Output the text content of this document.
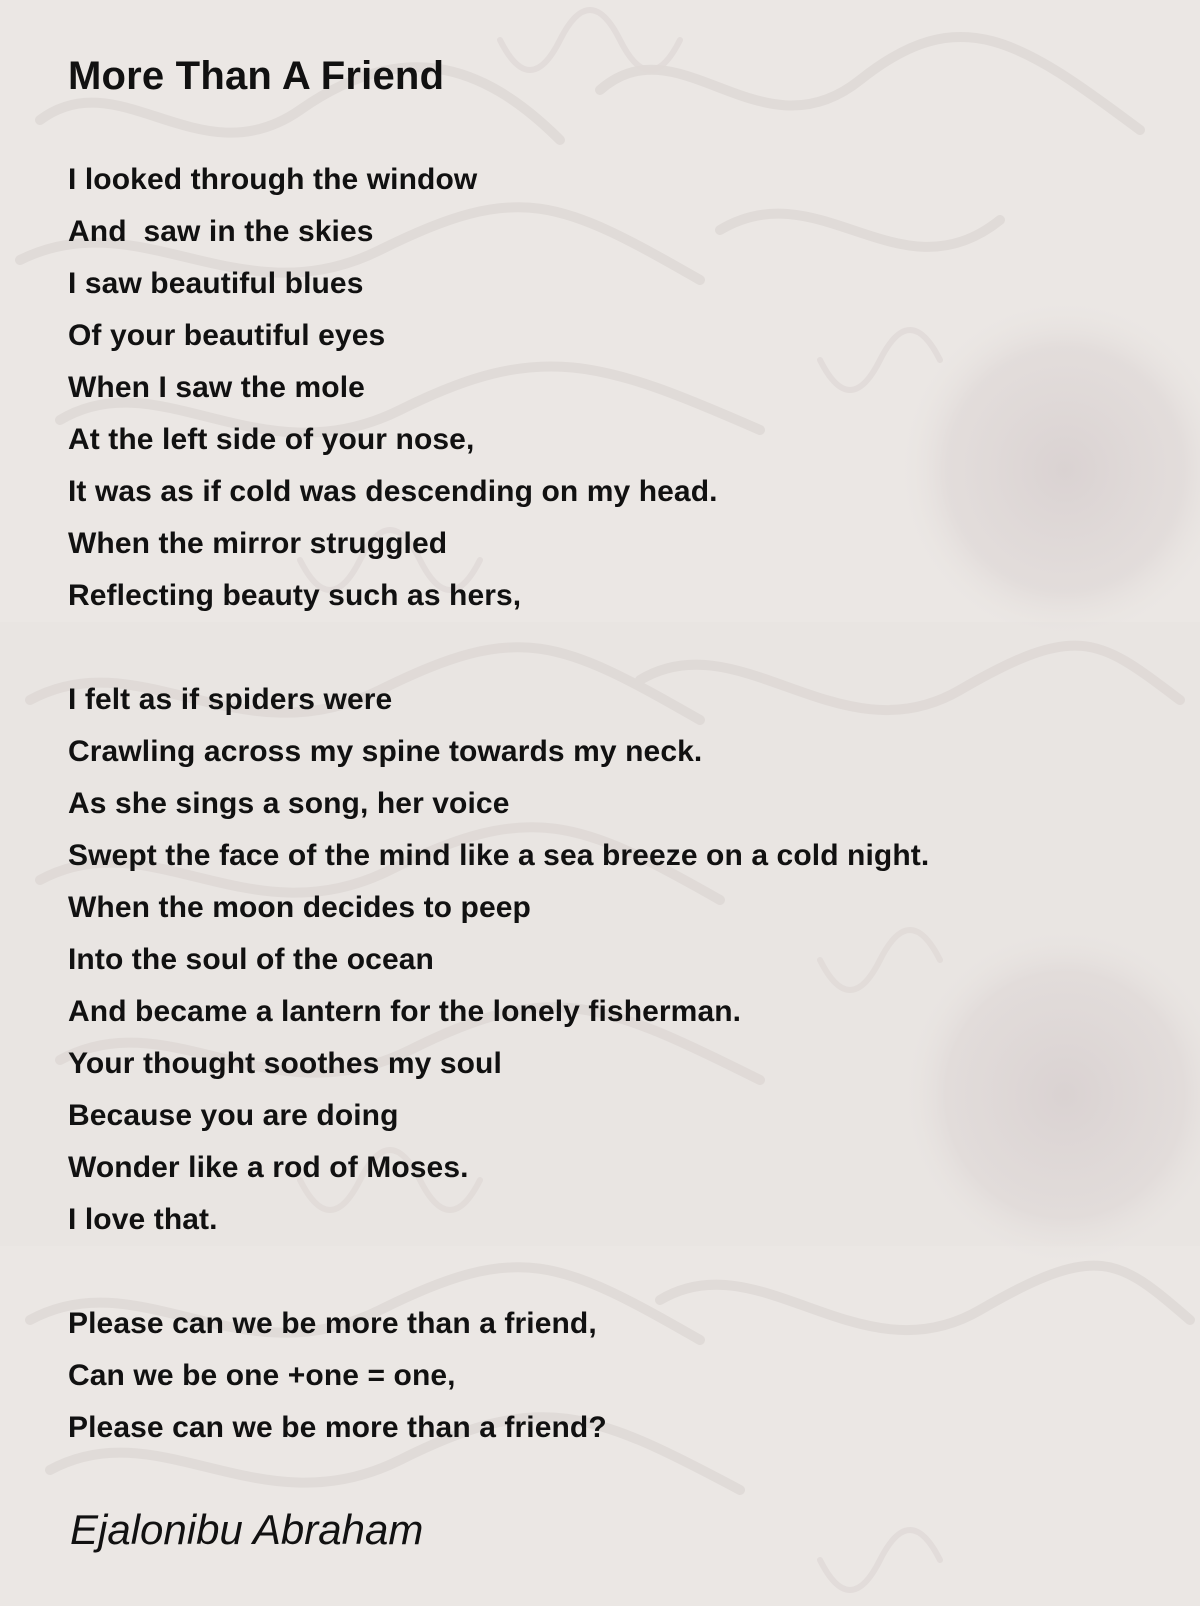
More Than A Friend
I looked through the window
And  saw in the skies
I saw beautiful blues
Of your beautiful eyes
When I saw the mole
At the left side of your nose,
It was as if cold was descending on my head.
When the mirror struggled
Reflecting beauty such as hers,
I felt as if spiders were
Crawling across my spine towards my neck.
As she sings a song, her voice
Swept the face of the mind like a sea breeze on a cold night.
When the moon decides to peep
Into the soul of the ocean
And became a lantern for the lonely fisherman.
Your thought soothes my soul
Because you are doing
Wonder like a rod of Moses.
I love that.
Please can we be more than a friend,
Can we be one +one = one,
Please can we be more than a friend?
Ejalonibu Abraham
